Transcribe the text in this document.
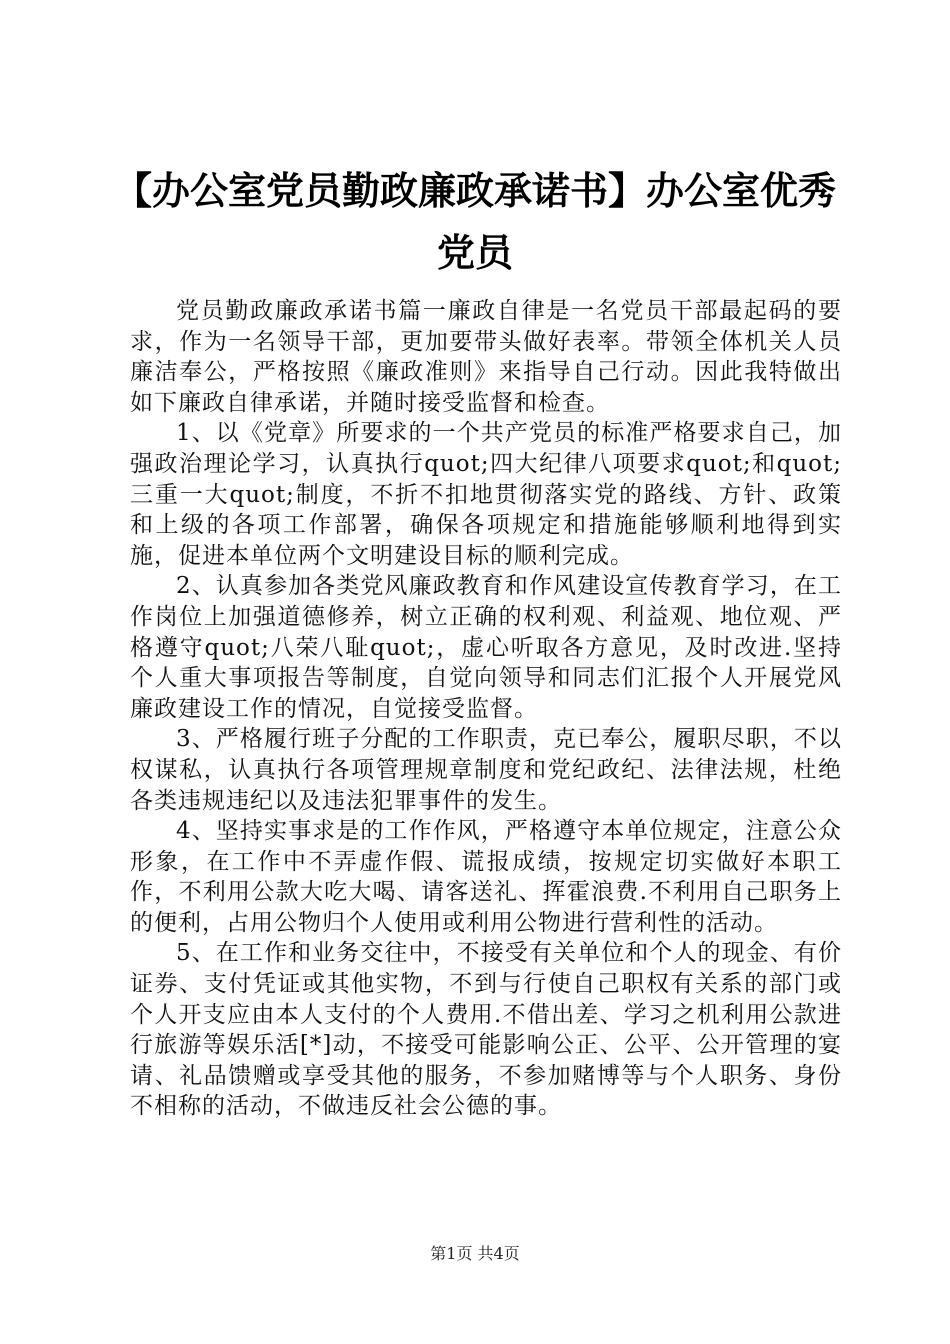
【办公室党员勤政廉政承诺书】办公室优秀党员

党员勤政廉政承诺书篇一廉政自律是一名党员干部最起码的要求，作为一名领导干部，更加要带头做好表率。带领全体机关人员廉洁奉公，严格按照《廉政准则》来指导自己行动。因此我特做出如下廉政自律承诺，并随时接受监督和检查。

1、以《党章》所要求的一个共产党员的标准严格要求自己，加强政治理论学习，认真执行quot;四大纪律八项要求quot;和quot;三重一大quot;制度，不折不扣地贯彻落实党的路线、方针、政策和上级的各项工作部署，确保各项规定和措施能够顺利地得到实施，促进本单位两个文明建设目标的顺利完成。

2、认真参加各类党风廉政教育和作风建设宣传教育学习，在工作岗位上加强道德修养，树立正确的权利观、利益观、地位观、严格遵守quot;八荣八耻quot;，虚心听取各方意见，及时改进.坚持个人重大事项报告等制度，自觉向领导和同志们汇报个人开展党风廉政建设工作的情况，自觉接受监督。

3、严格履行班子分配的工作职责，克已奉公，履职尽职，不以权谋私，认真执行各项管理规章制度和党纪政纪、法律法规，杜绝各类违规违纪以及违法犯罪事件的发生。

4、坚持实事求是的工作作风，严格遵守本单位规定，注意公众形象，在工作中不弄虚作假、谎报成绩，按规定切实做好本职工作，不利用公款大吃大喝、请客送礼、挥霍浪费.不利用自己职务上的便利，占用公物归个人使用或利用公物进行营利性的活动。

5、在工作和业务交往中，不接受有关单位和个人的现金、有价证券、支付凭证或其他实物，不到与行使自己职权有关系的部门或个人开支应由本人支付的个人费用.不借出差、学习之机利用公款进行旅游等娱乐活[*]动，不接受可能影响公正、公平、公开管理的宴请、礼品馈赠或享受其他的服务，不参加赌博等与个人职务、身份不相称的活动，不做违反社会公德的事。

第1页 共4页
